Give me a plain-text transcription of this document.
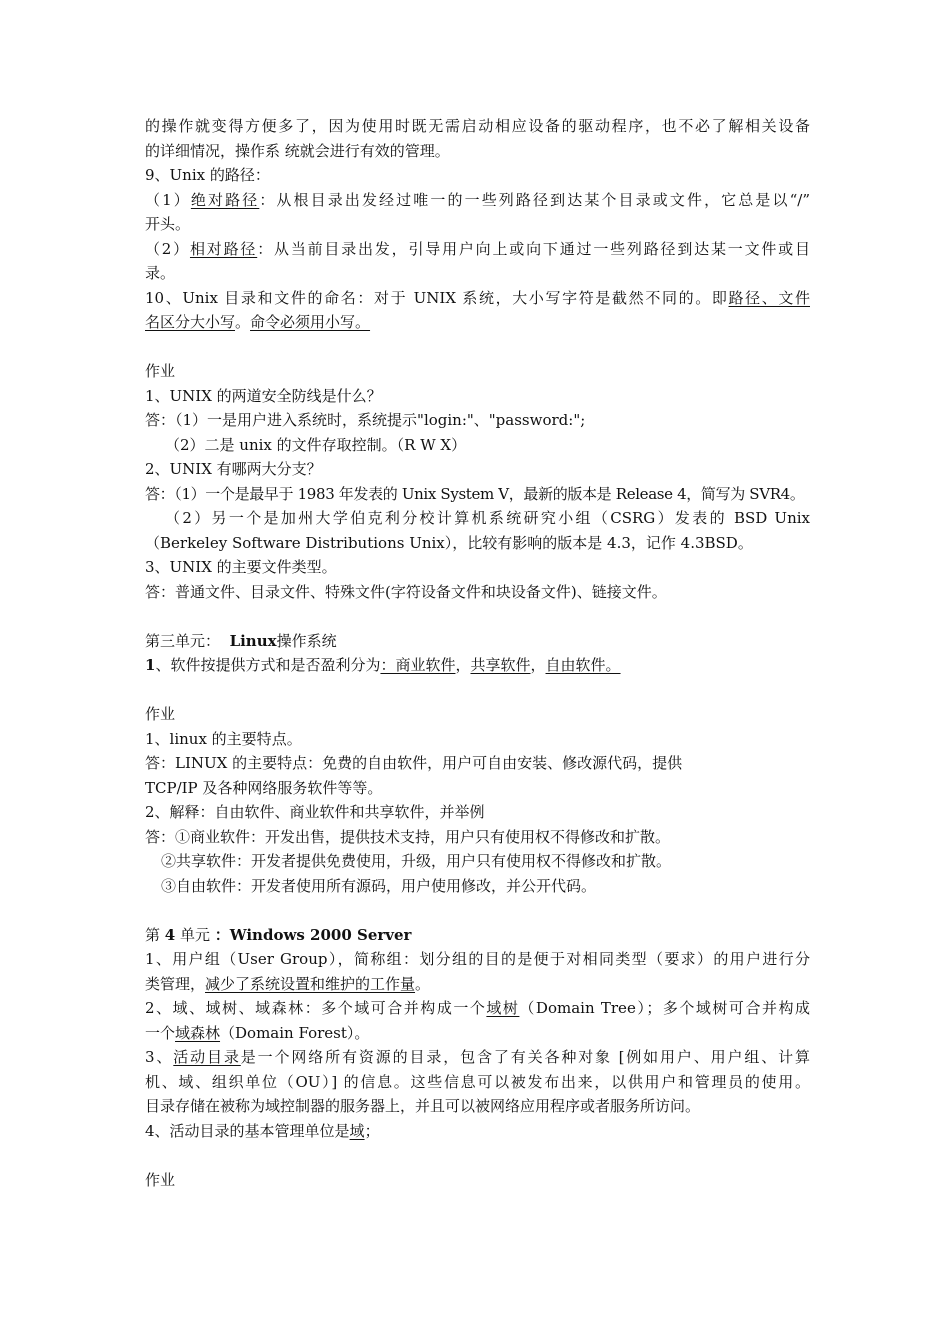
的操作就变得方便多了，因为使用时既无需启动相应设备的驱动程序，也不必了解相关设备
的详细情况，操作系 统就会进行有效的管理。
9、Unix 的路径：
（1）绝对路径：从根目录出发经过唯一的一些列路径到达某个目录或文件，它总是以“/”
开头。
（2）相对路径：从当前目录出发，引导用户向上或向下通过一些列路径到达某一文件或目
录。
10、Unix 目录和文件的命名：对于 UNIX 系统，大小写字符是截然不同的。即路径、文件
名区分大小写。命令必须用小写。
作业
1、UNIX 的两道安全防线是什么？
答：（1）一是用户进入系统时，系统提示"login:"、"password:";
（2）二是 unix 的文件存取控制。（R W X）
2、UNIX 有哪两大分支？
答：（1）一个是最早于 1983 年发表的 Unix System V，最新的版本是 Release 4，简写为 SVR4。
（2）另一个是加州大学伯克利分校计算机系统研究小组（CSRG）发表的 BSD Unix
（Berkeley Software Distributions Unix），比较有影响的版本是 4.3，记作 4.3BSD。
3、UNIX 的主要文件类型。
答：普通文件、目录文件、特殊文件(字符设备文件和块设备文件)、链接文件。
第三单元： Linux操作系统
1、软件按提供方式和是否盈利分为：商业软件，共享软件，自由软件。
作业
1、linux 的主要特点。
答：LINUX 的主要特点：免费的自由软件，用户可自由安装、修改源代码，提供
TCP/IP 及各种网络服务软件等等。
2、解释：自由软件、商业软件和共享软件，并举例
答：①商业软件：开发出售，提供技术支持，用户只有使用权不得修改和扩散。
②共享软件：开发者提供免费使用，升级，用户只有使用权不得修改和扩散。
③自由软件：开发者使用所有源码，用户使用修改，并公开代码。
第 4 单元 ：Windows 2000 Server
1、用户组（User Group），简称组：划分组的目的是便于对相同类型（要求）的用户进行分
类管理，减少了系统设置和维护的工作量。
2、域、域树、域森林：多个域可合并构成一个域树（Domain Tree）；多个域树可合并构成
一个域森林（Domain Forest）。
3、活动目录是一个网络所有资源的目录，包含了有关各种对象 [例如用户、用户组、计算
机、域、组织单位（OU）] 的信息。这些信息可以被发布出来，以供用户和管理员的使用。
目录存储在被称为域控制器的服务器上，并且可以被网络应用程序或者服务所访问。
4、活动目录的基本管理单位是域；
作业
